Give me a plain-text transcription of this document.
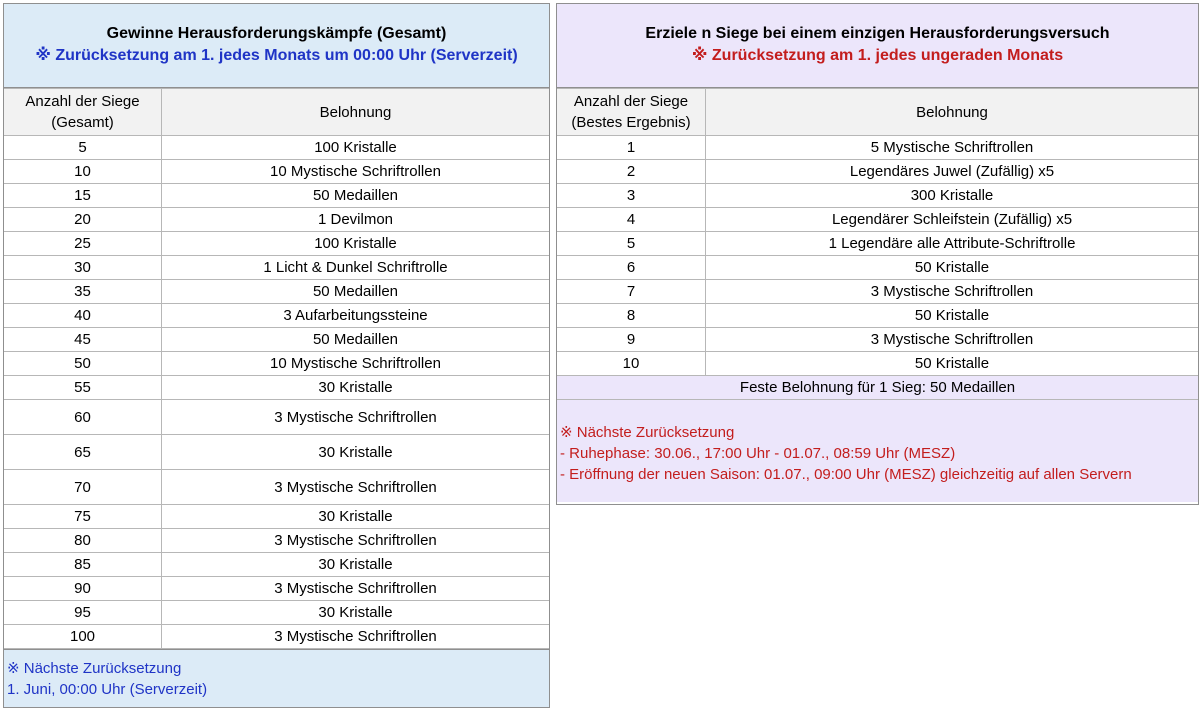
Gewinne Herausforderungskämpfe (Gesamt)
※ Zurücksetzung am 1. jedes Monats um 00:00 Uhr (Serverzeit)
Anzahl der Siege
(Gesamt)	Belohnung
5	100 Kristalle
10	10 Mystische Schriftrollen
15	50 Medaillen
20	1 Devilmon
25	100 Kristalle
30	1 Licht & Dunkel Schriftrolle
35	50 Medaillen
40	3 Aufarbeitungssteine
45	50 Medaillen
50	10 Mystische Schriftrollen
55	30 Kristalle
60	3 Mystische Schriftrollen
65	30 Kristalle
70	3 Mystische Schriftrollen
75	30 Kristalle
80	3 Mystische Schriftrollen
85	30 Kristalle
90	3 Mystische Schriftrollen
95	30 Kristalle
100	3 Mystische Schriftrollen
※ Nächste Zurücksetzung
1. Juni, 00:00 Uhr (Serverzeit)
Erziele n Siege bei einem einzigen Herausforderungsversuch
※ Zurücksetzung am 1. jedes ungeraden Monats
Anzahl der Siege
(Bestes Ergebnis)	Belohnung
1	5 Mystische Schriftrollen
2	Legendäres Juwel (Zufällig) x5
3	300 Kristalle
4	Legendärer Schleifstein (Zufällig) x5
5	1 Legendäre alle Attribute-Schriftrolle
6	50 Kristalle
7	3 Mystische Schriftrollen
8	50 Kristalle
9	3 Mystische Schriftrollen
10	50 Kristalle
Feste Belohnung für 1 Sieg: 50 Medaillen	
※ Nächste Zurücksetzung
- Ruhephase: 30.06., 17:00 Uhr - 01.07., 08:59 Uhr (MESZ)
- Eröffnung der neuen Saison: 01.07., 09:00 Uhr (MESZ) gleichzeitig auf allen Servern
